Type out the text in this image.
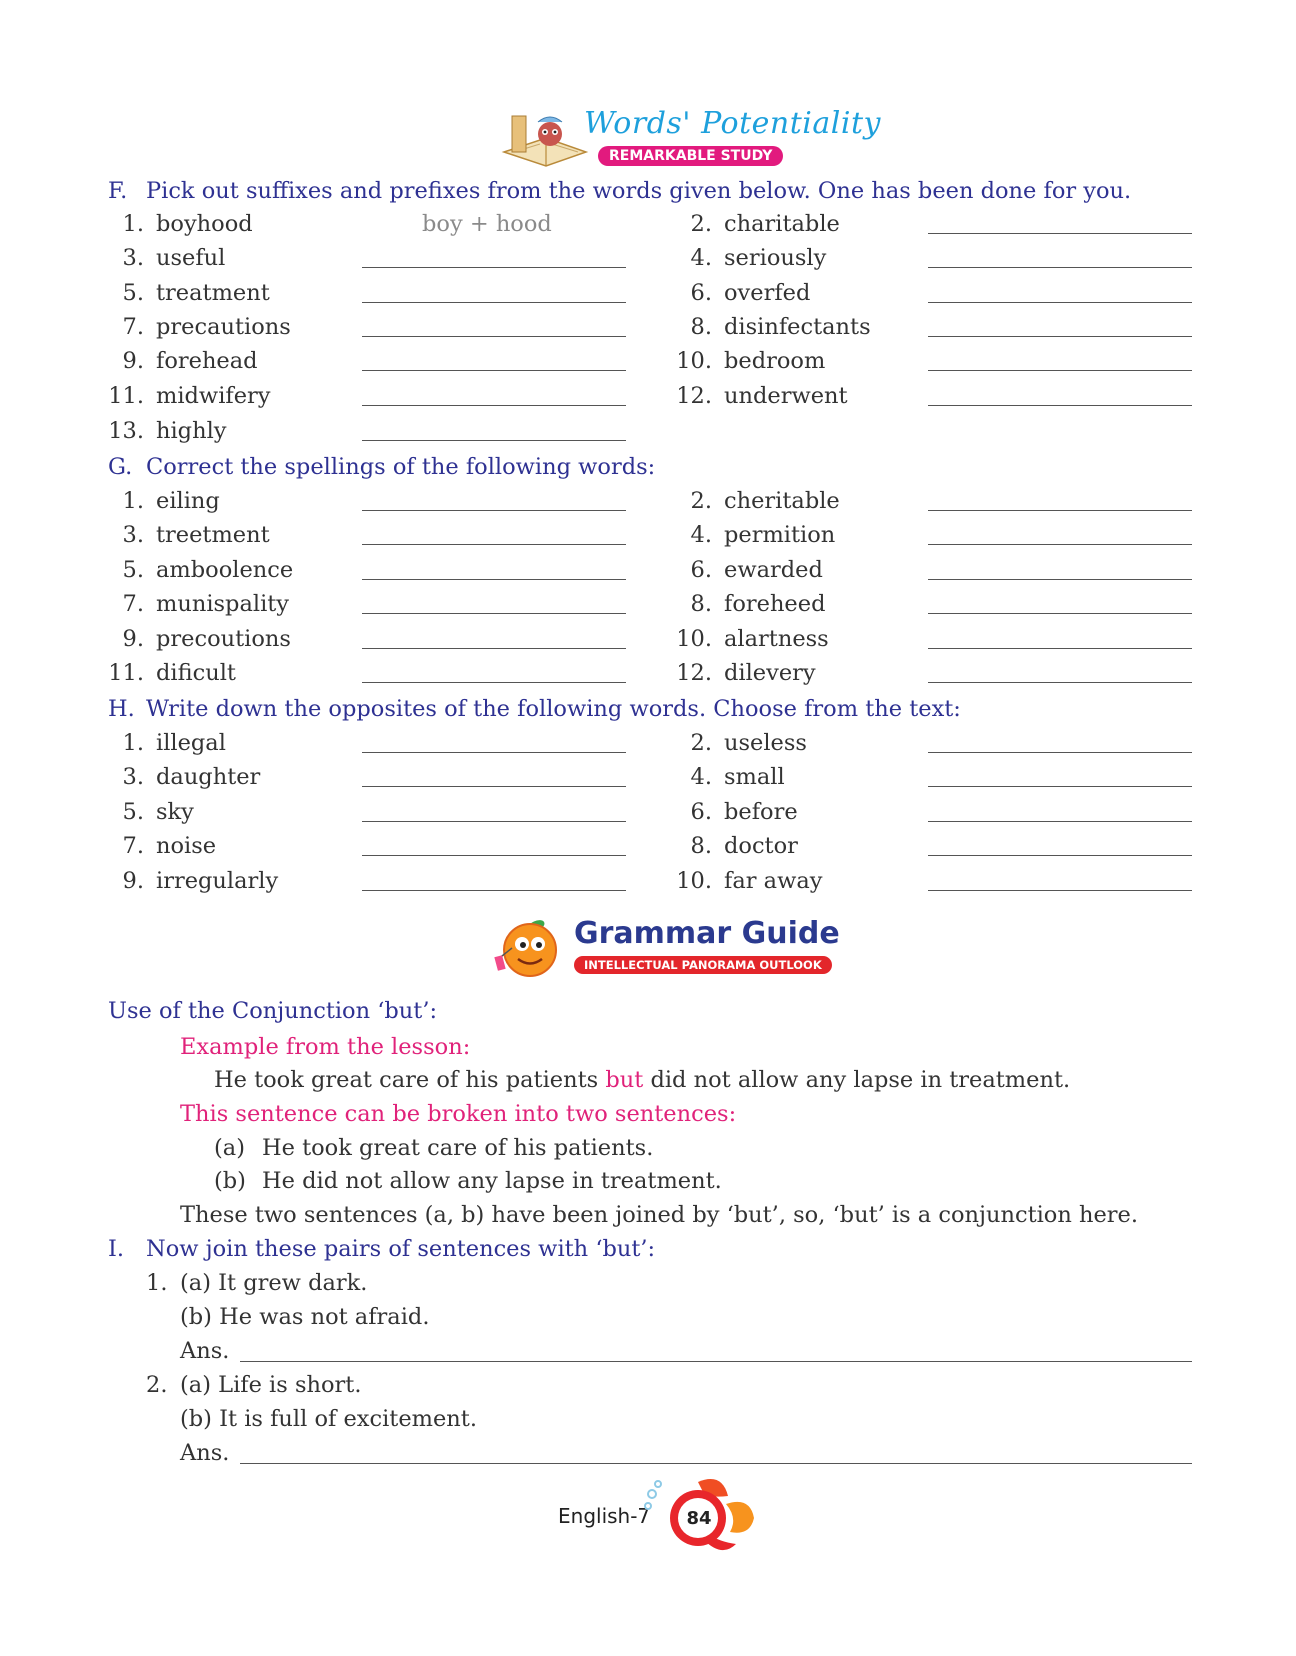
Words' Potentiality
REMARKABLE STUDY
F. Pick out suffixes and prefixes from the words given below. One has been done for you.
1. boyhood	boy + hood	2. charitable
3. useful	4. seriously
5. treatment	6. overfed
7. precautions	8. disinfectants
9. forehead	10. bedroom
11. midwifery	12. underwent
13. highly
G. Correct the spellings of the following words:
1. eiling	2. cheritable
3. treetment	4. permition
5. amboolence	6. ewarded
7. munispality	8. foreheed
9. precoutions	10. alartness
11. dificult	12. dilevery
H. Write down the opposites of the following words. Choose from the text:
1. illegal	2. useless
3. daughter	4. small
5. sky	6. before
7. noise	8. doctor
9. irregularly	10. far away
Grammar Guide
INTELLECTUAL PANORAMA OUTLOOK
Use of the Conjunction ‘but’:
Example from the lesson:
He took great care of his patients but did not allow any lapse in treatment.
This sentence can be broken into two sentences:
(a) He took great care of his patients.
(b) He did not allow any lapse in treatment.
These two sentences (a, b) have been joined by ‘but’, so, ‘but’ is a conjunction here.
I. Now join these pairs of sentences with ‘but’:
1. (a) It grew dark.
(b) He was not afraid.
Ans.
2. (a) Life is short.
(b) It is full of excitement.
Ans.
English-7	84
